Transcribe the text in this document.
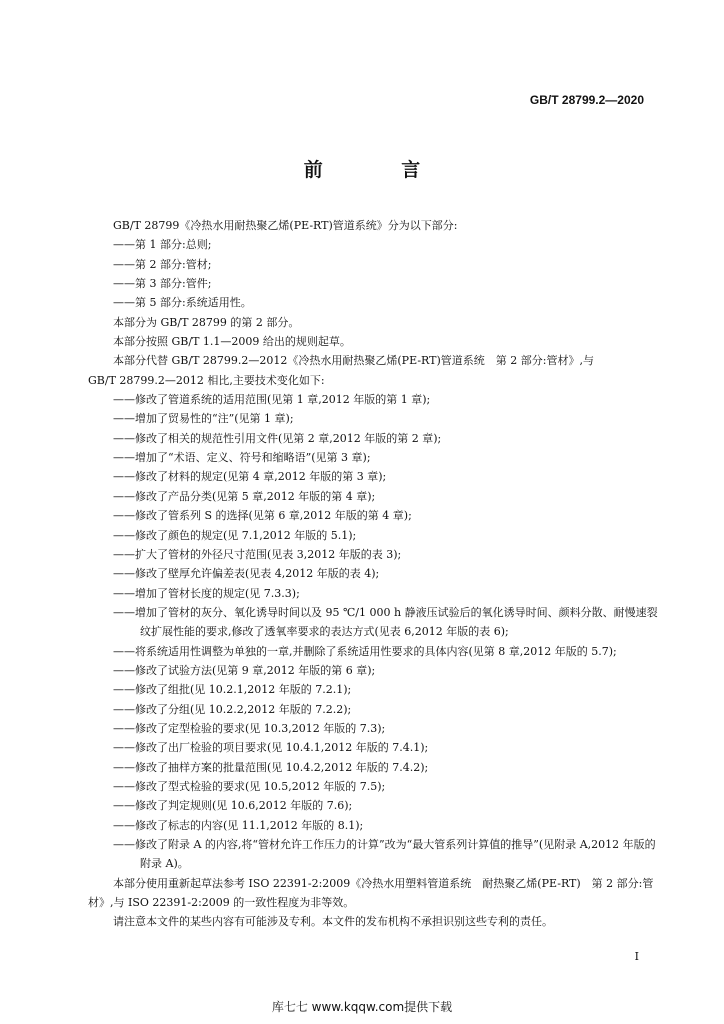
GB/T 28799.2—2020
前 言
GB/T 28799《冷热水用耐热聚乙烯(PE-RT)管道系统》分为以下部分:
——第 1 部分:总则;
——第 2 部分:管材;
——第 3 部分:管件;
——第 5 部分:系统适用性。
本部分为 GB/T 28799 的第 2 部分。
本部分按照 GB/T 1.1—2009 给出的规则起草。
本部分代替 GB/T 28799.2—2012《冷热水用耐热聚乙烯(PE-RT)管道系统　第 2 部分:管材》,与
GB/T 28799.2—2012 相比,主要技术变化如下:
——修改了管道系统的适用范围(见第 1 章,2012 年版的第 1 章);
——增加了贸易性的“注”(见第 1 章);
——修改了相关的规范性引用文件(见第 2 章,2012 年版的第 2 章);
——增加了“术语、定义、符号和缩略语”(见第 3 章);
——修改了材料的规定(见第 4 章,2012 年版的第 3 章);
——修改了产品分类(见第 5 章,2012 年版的第 4 章);
——修改了管系列 S 的选择(见第 6 章,2012 年版的第 4 章);
——修改了颜色的规定(见 7.1,2012 年版的 5.1);
——扩大了管材的外径尺寸范围(见表 3,2012 年版的表 3);
——修改了壁厚允许偏差表(见表 4,2012 年版的表 4);
——增加了管材长度的规定(见 7.3.3);
——增加了管材的灰分、氧化诱导时间以及 95 ℃/1 000 h 静液压试验后的氧化诱导时间、颜料分散、耐慢速裂纹扩展性能的要求,修改了透氧率要求的表达方式(见表 6,2012 年版的表 6);
——将系统适用性调整为单独的一章,并删除了系统适用性要求的具体内容(见第 8 章,2012 年版的 5.7);
——修改了试验方法(见第 9 章,2012 年版的第 6 章);
——修改了组批(见 10.2.1,2012 年版的 7.2.1);
——修改了分组(见 10.2.2,2012 年版的 7.2.2);
——修改了定型检验的要求(见 10.3,2012 年版的 7.3);
——修改了出厂检验的项目要求(见 10.4.1,2012 年版的 7.4.1);
——修改了抽样方案的批量范围(见 10.4.2,2012 年版的 7.4.2);
——修改了型式检验的要求(见 10.5,2012 年版的 7.5);
——修改了判定规则(见 10.6,2012 年版的 7.6);
——修改了标志的内容(见 11.1,2012 年版的 8.1);
——修改了附录 A 的内容,将“管材允许工作压力的计算”改为“最大管系列计算值的推导”(见附录 A,2012 年版的附录 A)。
本部分使用重新起草法参考 ISO 22391-2:2009《冷热水用塑料管道系统　耐热聚乙烯(PE-RT)　第 2 部分:管材》,与 ISO 22391-2:2009 的一致性程度为非等效。
请注意本文件的某些内容有可能涉及专利。本文件的发布机构不承担识别这些专利的责任。
I
库七七 www.kqqw.com提供下载
